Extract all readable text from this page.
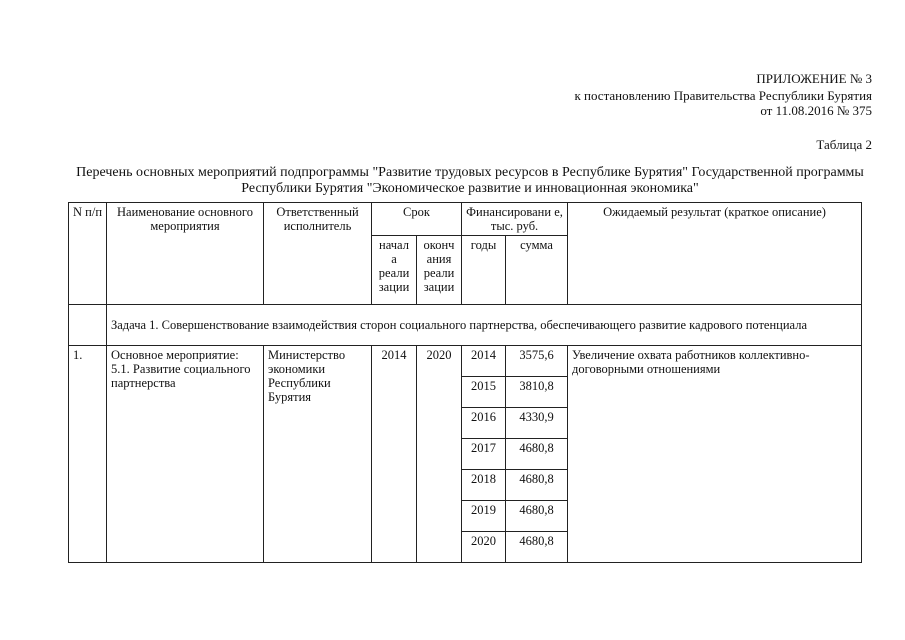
ПРИЛОЖЕНИЕ № 3
к постановлению Правительства Республики Бурятия
от 11.08.2016 № 375
Таблица 2
Перечень основных мероприятий подпрограммы "Развитие трудовых ресурсов в Республике Бурятия" Государственной программы Республики Бурятия "Экономическое развитие и инновационная экономика"
N п/п	Наименование основного мероприятия	Ответственный исполнитель	Срок		Финансировани е, тыс. руб.		Ожидаемый результат (краткое описание)
			начал а реали зации	оконч ания реали зации	годы	сумма	
	Задача 1. Совершенствование взаимодействия сторон социального партнерства, обеспечивающего развитие кадрового потенциала						
1.	Основное мероприятие: 5.1. Развитие социального партнерства	Министерство экономики Республики Бурятия	2014	2020	2014	3575,6	Увеличение охвата работников коллективно-договорными отношениями
					2015	3810,8	
					2016	4330,9	
					2017	4680,8	
					2018	4680,8	
					2019	4680,8	
					2020	4680,8	
